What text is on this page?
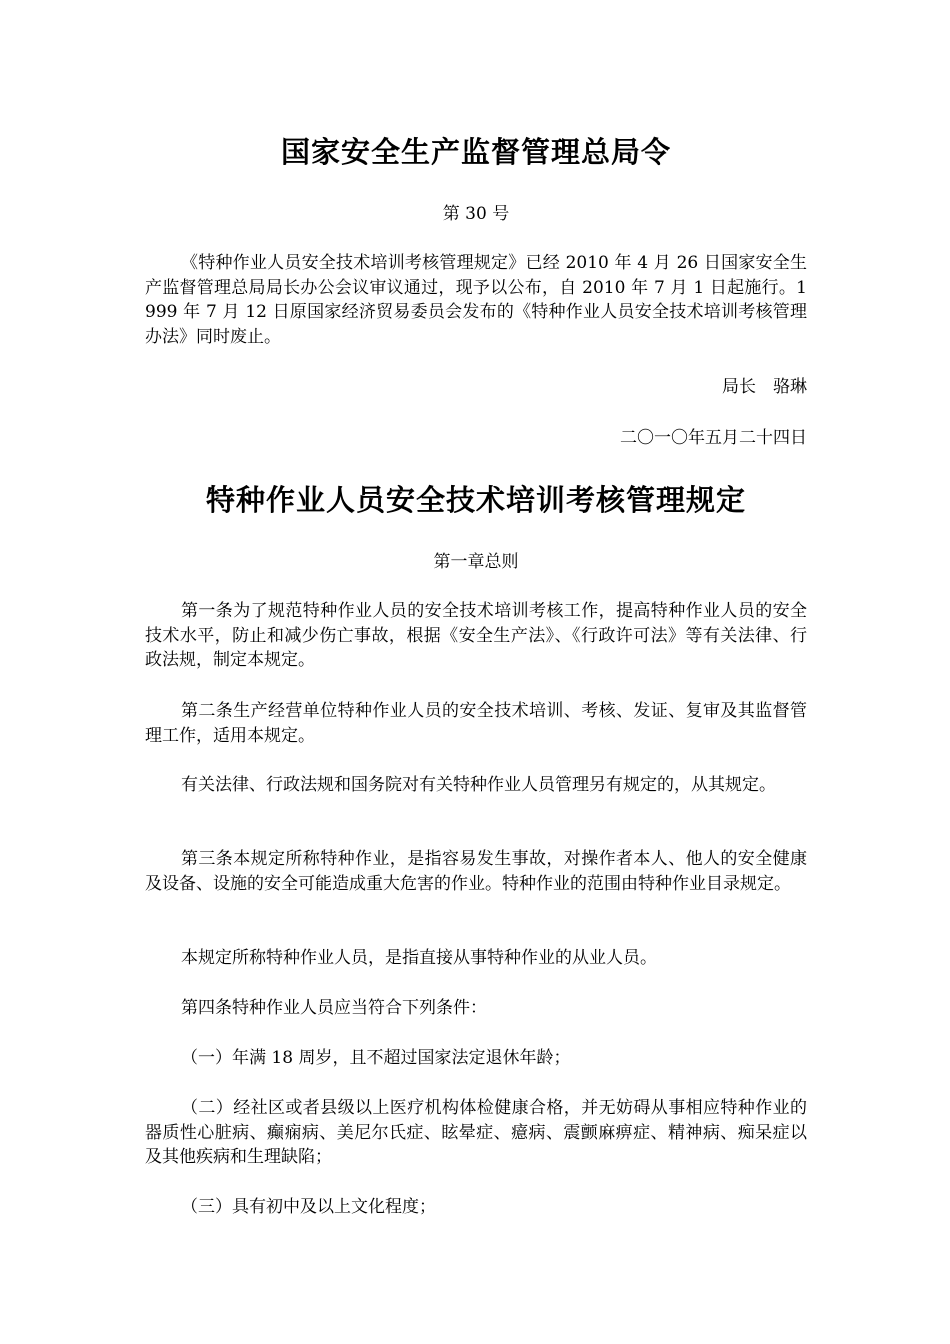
国家安全生产监督管理总局令
第 30 号
《特种作业人员安全技术培训考核管理规定》已经 2010 年 4 月 26 日国家安全生产监督管理总局局长办公会议审议通过，现予以公布，自 2010 年 7 月 1 日起施行。1999 年 7 月 12 日原国家经济贸易委员会发布的《特种作业人员安全技术培训考核管理办法》同时废止。
局长　骆琳
二〇一〇年五月二十四日
特种作业人员安全技术培训考核管理规定
第一章总则
第一条为了规范特种作业人员的安全技术培训考核工作，提高特种作业人员的安全技术水平，防止和减少伤亡事故，根据《安全生产法》、《行政许可法》等有关法律、行政法规，制定本规定。
第二条生产经营单位特种作业人员的安全技术培训、考核、发证、复审及其监督管理工作，适用本规定。
有关法律、行政法规和国务院对有关特种作业人员管理另有规定的，从其规定。
第三条本规定所称特种作业，是指容易发生事故，对操作者本人、他人的安全健康及设备、设施的安全可能造成重大危害的作业。特种作业的范围由特种作业目录规定。
本规定所称特种作业人员，是指直接从事特种作业的从业人员。
第四条特种作业人员应当符合下列条件：
（一）年满 18 周岁，且不超过国家法定退休年龄；
（二）经社区或者县级以上医疗机构体检健康合格，并无妨碍从事相应特种作业的器质性心脏病、癫痫病、美尼尔氏症、眩晕症、癔病、震颤麻痹症、精神病、痴呆症以及其他疾病和生理缺陷；
（三）具有初中及以上文化程度；
